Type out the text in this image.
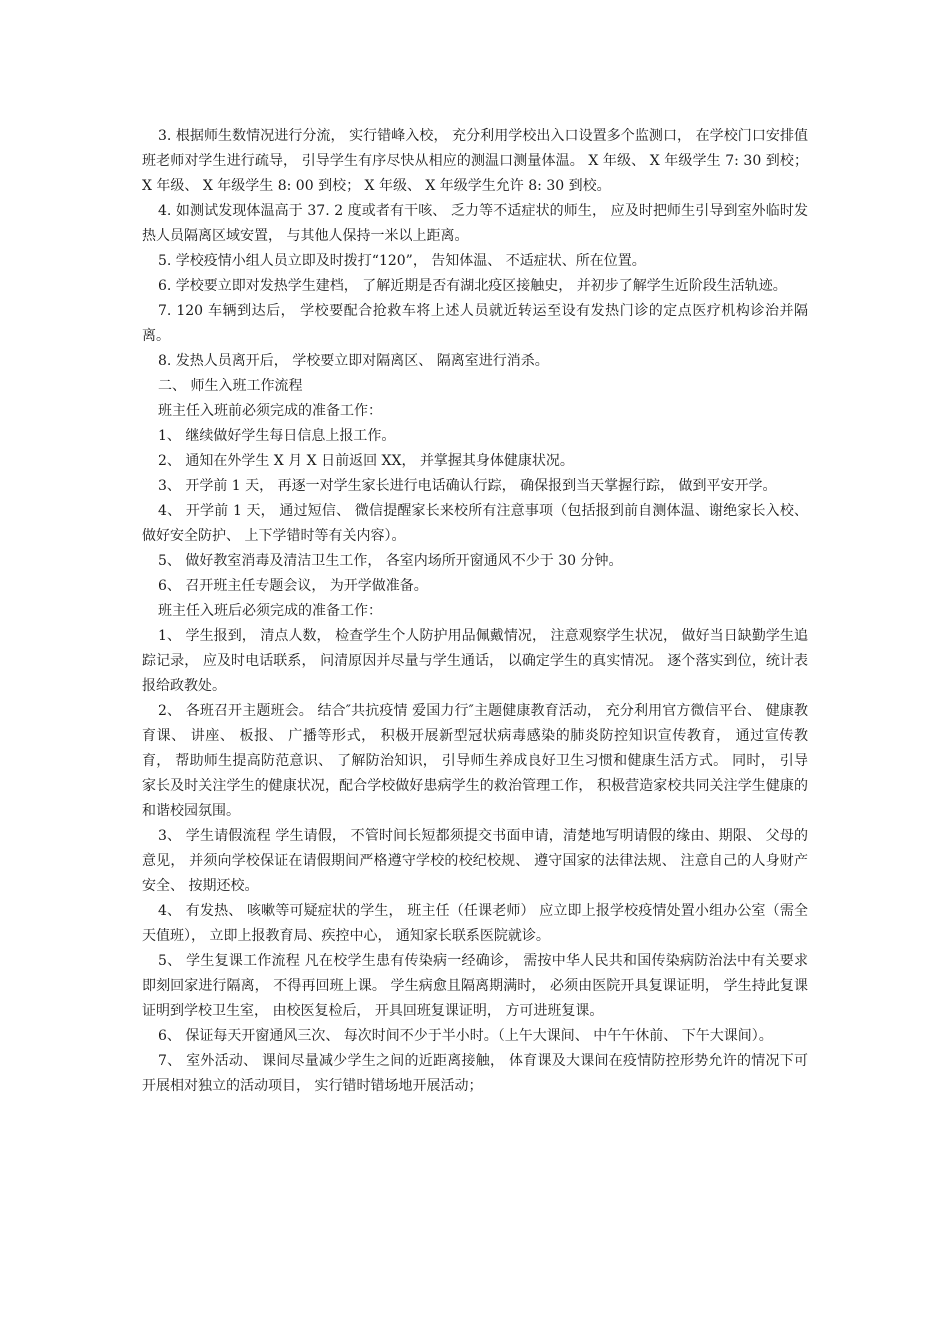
3. 根据师生数情况进行分流， 实行错峰入校， 充分利用学校出入口设置多个监测口， 在学校门口安排值班老师对学生进行疏导， 引导学生有序尽快从相应的测温口测量体温。 X 年级、 X 年级学生 7: 30 到校； X 年级、 X 年级学生 8: 00 到校； X 年级、 X 年级学生允许 8: 30 到校。

4. 如测试发现体温高于 37. 2 度或者有干咳、 乏力等不适症状的师生， 应及时把师生引导到室外临时发热人员隔离区域安置， 与其他人保持一米以上距离。

5. 学校疫情小组人员立即及时拨打“120”， 告知体温、 不适症状、所在位置。

6. 学校要立即对发热学生建档， 了解近期是否有湖北疫区接触史， 并初步了解学生近阶段生活轨迹。

7. 120 车辆到达后， 学校要配合抢救车将上述人员就近转运至设有发热门诊的定点医疗机构诊治并隔离。

8. 发热人员离开后， 学校要立即对隔离区、 隔离室进行消杀。

二、 师生入班工作流程

班主任入班前必须完成的准备工作：

1、 继续做好学生每日信息上报工作。

2、 通知在外学生 X 月 X 日前返回 XX， 并掌握其身体健康状况。

3、 开学前 1 天， 再逐一对学生家长进行电话确认行踪， 确保报到当天掌握行踪， 做到平安开学。

4、 开学前 1 天， 通过短信、 微信提醒家长来校所有注意事项（包括报到前自测体温、谢绝家长入校、 做好安全防护、 上下学错时等有关内容）。

5、 做好教室消毒及清洁卫生工作， 各室内场所开窗通风不少于 30 分钟。

6、 召开班主任专题会议， 为开学做准备。

班主任入班后必须完成的准备工作：

1、 学生报到， 清点人数， 检查学生个人防护用品佩戴情况， 注意观察学生状况， 做好当日缺勤学生追踪记录， 应及时电话联系， 问清原因并尽量与学生通话， 以确定学生的真实情况。 逐个落实到位，统计表报给政教处。

2、 各班召开主题班会。 结合″共抗疫情 爱国力行″主题健康教育活动， 充分利用官方微信平台、 健康教育课、 讲座、 板报、 广播等形式， 积极开展新型冠状病毒感染的肺炎防控知识宣传教育， 通过宣传教育， 帮助师生提高防范意识、 了解防治知识， 引导师生养成良好卫生习惯和健康生活方式。 同时， 引导家长及时关注学生的健康状况，配合学校做好患病学生的救治管理工作， 积极营造家校共同关注学生健康的和谐校园氛围。

3、 学生请假流程 学生请假， 不管时间长短都须提交书面申请，清楚地写明请假的缘由、期限、 父母的意见， 并须向学校保证在请假期间严格遵守学校的校纪校规、 遵守国家的法律法规、 注意自己的人身财产安全、 按期还校。

4、 有发热、 咳嗽等可疑症状的学生， 班主任（任课老师） 应立即上报学校疫情处置小组办公室（需全天值班）， 立即上报教育局、疾控中心， 通知家长联系医院就诊。

5、 学生复课工作流程 凡在校学生患有传染病一经确诊， 需按中华人民共和国传染病防治法中有关要求即刻回家进行隔离， 不得再回班上课。 学生病愈且隔离期满时， 必须由医院开具复课证明， 学生持此复课证明到学校卫生室， 由校医复检后， 开具回班复课证明， 方可进班复课。

6、 保证每天开窗通风三次、 每次时间不少于半小时。（上午大课间、 中午午休前、 下午大课间）。

7、 室外活动、 课间尽量减少学生之间的近距离接触， 体育课及大课间在疫情防控形势允许的情况下可开展相对独立的活动项目， 实行错时错场地开展活动；
